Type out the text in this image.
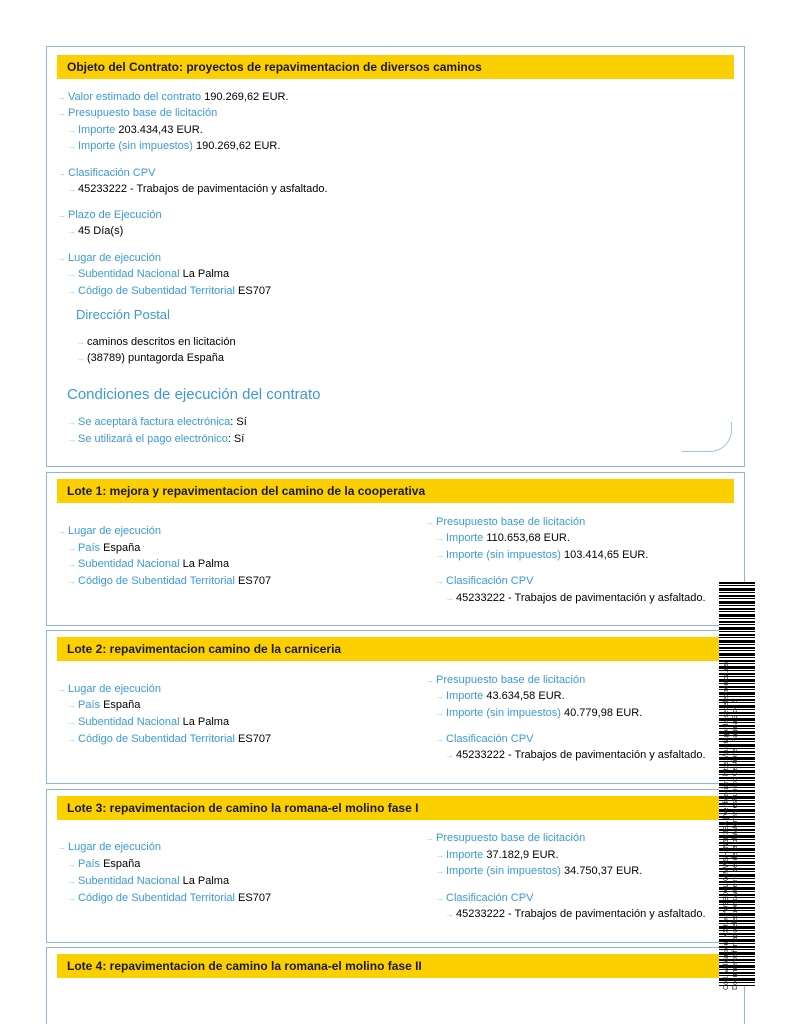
Objeto del Contrato: proyectos de repavimentacion de diversos caminos
→ Valor estimado del contrato 190.269,62 EUR.
→ Presupuesto base de licitación
→ Importe 203.434,43 EUR.
→ Importe (sin impuestos) 190.269,62 EUR.
→ Clasificación CPV
→ 45233222 - Trabajos de pavimentación y asfaltado.
→ Plazo de Ejecución
→ 45 Día(s)
→ Lugar de ejecución
→ Subentidad Nacional La Palma
→ Código de Subentidad Territorial ES707
Dirección Postal
→ caminos descritos en licitación
→ (38789) puntagorda España
Condiciones de ejecución del contrato
→ Se aceptará factura electrónica: Sí
→ Se utilizará el pago electrónico: Sí
Lote 1: mejora y repavimentacion del camino de la cooperativa
→ Lugar de ejecución
→ País España
→ Subentidad Nacional La Palma
→ Código de Subentidad Territorial ES707
→ Presupuesto base de licitación
→ Importe 110.653,68 EUR.
→ Importe (sin impuestos) 103.414,65 EUR.
→ Clasificación CPV
→ 45233222 - Trabajos de pavimentación y asfaltado.
Lote 2: repavimentacion camino de la carniceria
→ Lugar de ejecución
→ País España
→ Subentidad Nacional La Palma
→ Código de Subentidad Territorial ES707
→ Presupuesto base de licitación
→ Importe 43.634,58 EUR.
→ Importe (sin impuestos) 40.779,98 EUR.
→ Clasificación CPV
→ 45233222 - Trabajos de pavimentación y asfaltado.
Lote 3: repavimentacion de camino la romana-el molino fase I
→ Lugar de ejecución
→ País España
→ Subentidad Nacional La Palma
→ Código de Subentidad Territorial ES707
→ Presupuesto base de licitación
→ Importe 37.182,9 EUR.
→ Importe (sin impuestos) 34.750,37 EUR.
→ Clasificación CPV
→ 45233222 - Trabajos de pavimentación y asfaltado.
Lote 4: repavimentacion de camino la romana-el molino fase II	Cód. Validación: KXJLYPW3SDALXAMWSHJN6H3EA | Verificación: https://puntagorda.sedelectronica.es/ Documento firmado electrónicamente desde la plataforma esPublico Gestiona | Página 3 de 5
